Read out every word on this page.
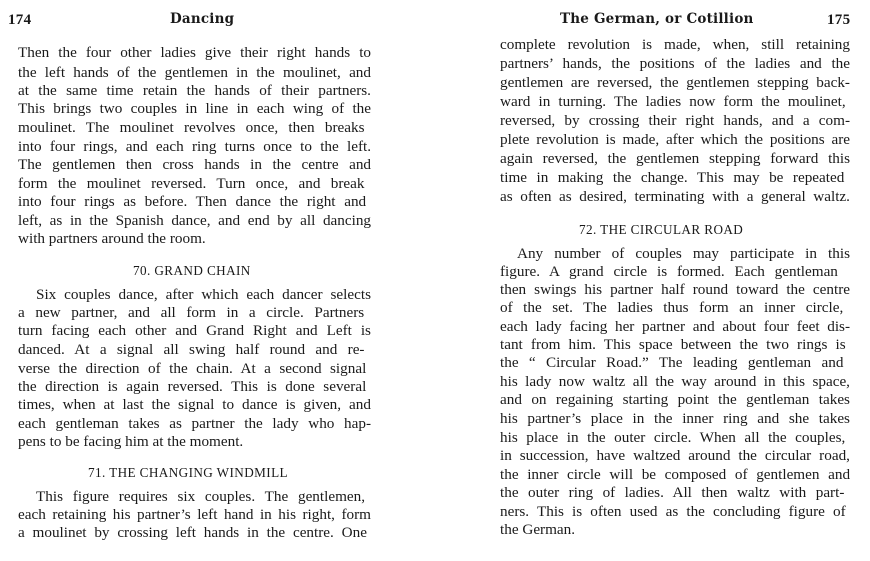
174	Dancing
Then the four other ladies give their right hands to
the left hands of the gentlemen in the moulinet, and
at the same time retain the hands of their partners.
This brings two couples in line in each wing of the
moulinet. The moulinet revolves once, then breaks
into four rings, and each ring turns once to the left.
The gentlemen then cross hands in the centre and
form the moulinet reversed. Turn once, and break
into four rings as before. Then dance the right and
left, as in the Spanish dance, and end by all dancing
with partners around the room.
70. GRAND CHAIN
Six couples dance, after which each dancer selects
a new partner, and all form in a circle. Partners
turn facing each other and Grand Right and Left is
danced. At a signal all swing half round and re-
verse the direction of the chain. At a second signal
the direction is again reversed. This is done several
times, when at last the signal to dance is given, and
each gentleman takes as partner the lady who hap-
pens to be facing him at the moment.
71. THE CHANGING WINDMILL
This figure requires six couples. The gentlemen,
each retaining his partner’s left hand in his right, form
a moulinet by crossing left hands in the centre. One
The German, or Cotillion	175
complete revolution is made, when, still retaining
partners’ hands, the positions of the ladies and the
gentlemen are reversed, the gentlemen stepping back-
ward in turning. The ladies now form the moulinet,
reversed, by crossing their right hands, and a com-
plete revolution is made, after which the positions are
again reversed, the gentlemen stepping forward this
time in making the change. This may be repeated
as often as desired, terminating with a general waltz.
72. THE CIRCULAR ROAD
Any number of couples may participate in this
figure. A grand circle is formed. Each gentleman
then swings his partner half round toward the centre
of the set. The ladies thus form an inner circle,
each lady facing her partner and about four feet dis-
tant from him. This space between the two rings is
the “ Circular Road.” The leading gentleman and
his lady now waltz all the way around in this space,
and on regaining starting point the gentleman takes
his partner’s place in the inner ring and she takes
his place in the outer circle. When all the couples,
in succession, have waltzed around the circular road,
the inner circle will be composed of gentlemen and
the outer ring of ladies. All then waltz with part-
ners. This is often used as the concluding figure of
the German.
